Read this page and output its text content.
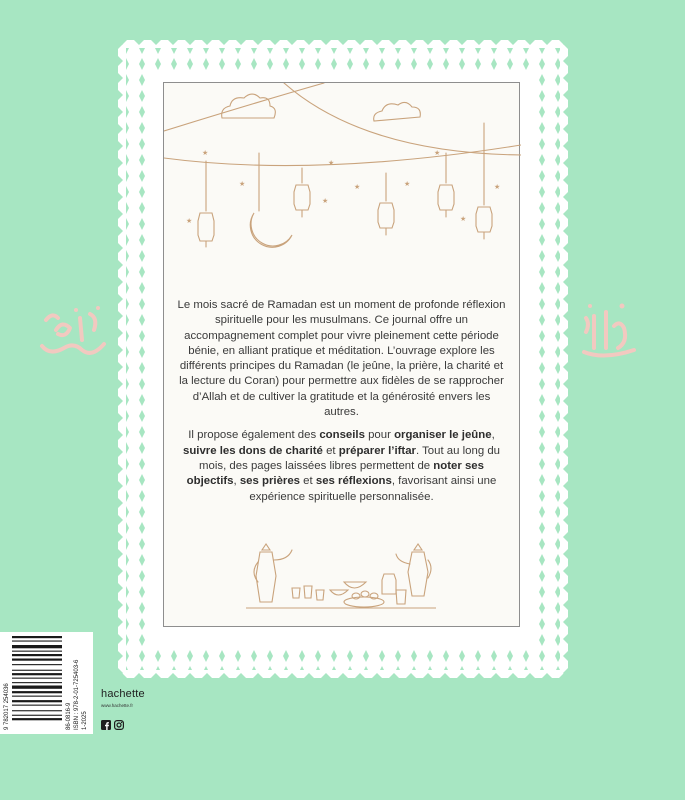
★
★
★
★
★	★
★
★
★
★

Le mois sacré de Ramadan est un moment de profonde réflexion spirituelle pour les musulmans. Ce journal offre un accompagnement complet pour vivre pleinement cette période bénie, en alliant pratique et méditation. L’ouvrage explore les différents principes du Ramadan (le jeûne, la prière, la charité et la lecture du Coran) pour permettre aux fidèles de se rapprocher d’Allah et de cultiver la gratitude et la générosité envers les autres.

Il propose également des conseils pour organiser le jeûne, suivre les dons de charité et préparer l’iftar. Tout au long du mois, des pages laissées libres permettent de noter ses objectifs, ses prières et ses réflexions, favorisant ainsi une expérience spirituelle personnalisée.

9 782017 254036	86-0816-9 ISBN : 978-2-01-725403-6 1-2025
hachette
www.hachette.fr
